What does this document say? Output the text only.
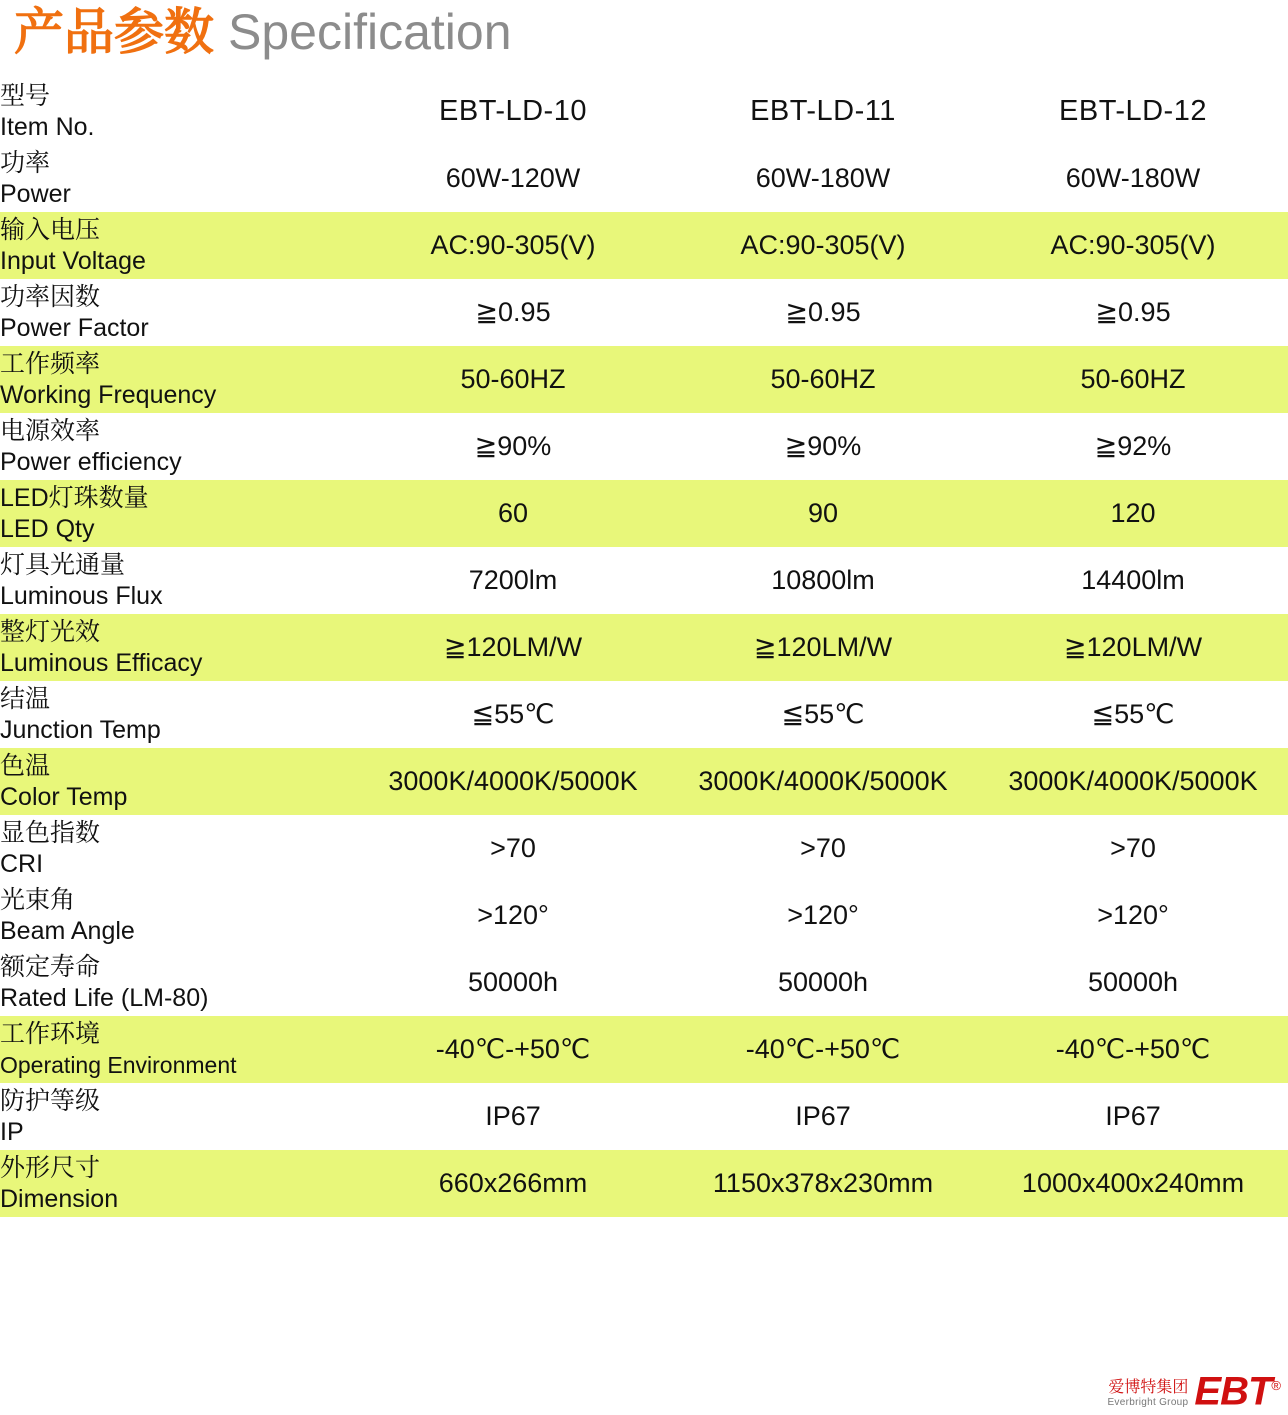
产品参数 Specification
型号
Item No.	EBT-LD-10	EBT-LD-11	EBT-LD-12

功率
Power	60W-120W	60W-180W	60W-180W

输入电压
Input Voltage	AC:90-305(V)	AC:90-305(V)	AC:90-305(V)

功率因数
Power Factor	≧0.95	≧0.95	≧0.95

工作频率
Working Frequency	50-60HZ	50-60HZ	50-60HZ

电源效率
Power efficiency	≧90%	≧90%	≧92%

LED灯珠数量
LED Qty	60	90	120

灯具光通量
Luminous Flux	7200lm	10800lm	14400lm

整灯光效
Luminous Efficacy	≧120LM/W	≧120LM/W	≧120LM/W

结温
Junction Temp	≦55℃	≦55℃	≦55℃

色温
Color Temp	3000K/4000K/5000K	3000K/4000K/5000K	3000K/4000K/5000K

显色指数
CRI	>70	>70	>70

光束角
Beam Angle	>120°	>120°	>120°

额定寿命
Rated Life (LM-80)	50000h	50000h	50000h

工作环境
Operating Environment	-40℃-+50℃	-40℃-+50℃	-40℃-+50℃

防护等级
IP	IP67	IP67	IP67

外形尺寸
Dimension	660x266mm	1150x378x230mm	1000x400x240mm
爱博特集团
Everbright Group EBT®
